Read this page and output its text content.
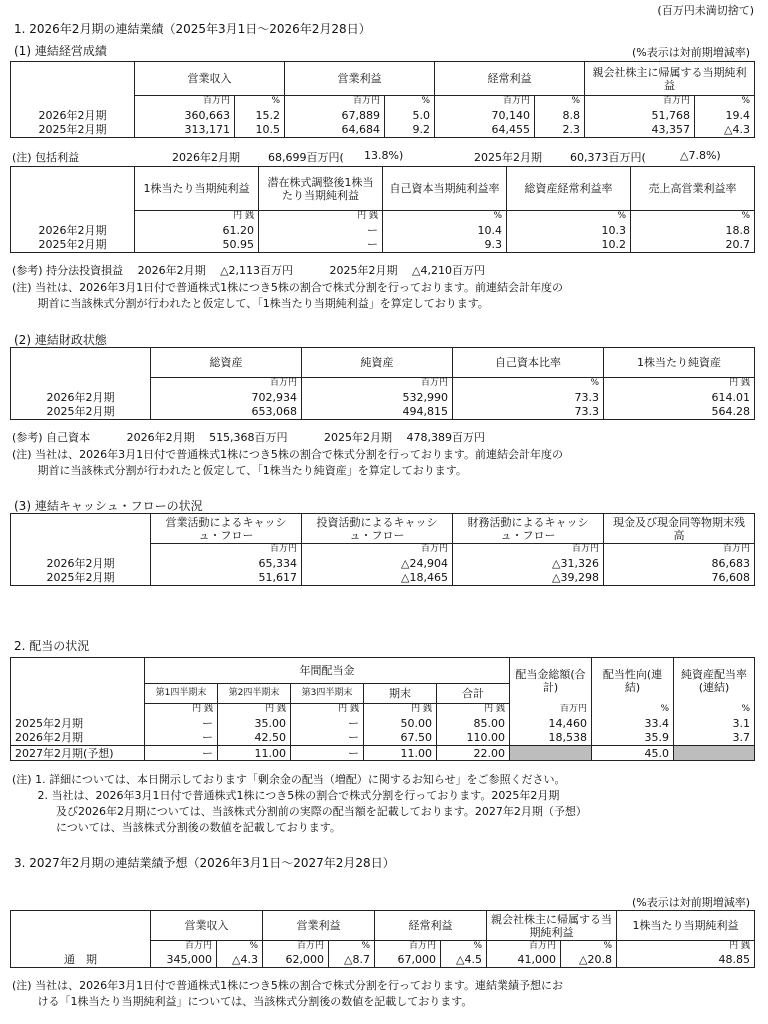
(百万円未満切捨て)
1. 2026年2月期の連結業績（2025年3月1日～2026年2月28日）
(1) 連結経営成績	(%表示は対前期増減率)
	営業収入		営業利益		経常利益		親会社株主に帰属する当期純利益	
	百万円	%	百万円	%	百万円	%	百万円	%
2026年2月期	360,663	15.2	67,889	5.0	70,140	8.8	51,768	19.4
2025年2月期	313,171	10.5	64,684	9.2	64,455	2.3	43,357	△4.3
(注) 包括利益	2026年2月期	68,699百万円( 13.8%)	2025年2月期	60,373百万円(	△7.8%)
	1株当たり当期純利益	潜在株式調整後1株当たり当期純利益	自己資本当期純利益率	総資産経常利益率	売上高営業利益率
	円 銭	円 銭	%	%	%
2026年2月期	61.20	ー	10.4	10.3	18.8
2025年2月期	50.95	ー	9.3	10.2	20.7
(参考) 持分法投資損益　 2026年2月期　 △2,113百万円　　　 2025年2月期　 △4,210百万円
(注) 当社は、2026年3月1日付で普通株式1株につき5株の割合で株式分割を行っております。前連結会計年度の
　　 期首に当該株式分割が行われたと仮定して、「1株当たり当期純利益」を算定しております。
(2) 連結財政状態
	総資産	純資産	自己資本比率	1株当たり純資産
	百万円	百万円	%	円 銭
2026年2月期	702,934	532,990	73.3	614.01
2025年2月期	653,068	494,815	73.3	564.28
(参考) 自己資本　　　 2026年2月期　 515,368百万円　　　 2025年2月期　 478,389百万円
(注) 当社は、2026年3月1日付で普通株式1株につき5株の割合で株式分割を行っております。前連結会計年度の
　　 期首に当該株式分割が行われたと仮定して、「1株当たり純資産」を算定しております。
(3) 連結キャッシュ・フローの状況
	営業活動によるキャッシュ・フロー	投資活動によるキャッシュ・フロー	財務活動によるキャッシュ・フロー	現金及び現金同等物期末残高
	百万円	百万円	百万円	百万円
2026年2月期	65,334	△24,904	△31,326	86,683
2025年2月期	51,617	△18,465	△39,298	76,608
2. 配当の状況
	年間配当金					配当金総額(合計)	配当性向(連結)	純資産配当率(連結)
	第1四半期末	第2四半期末	第3四半期末	期末	合計			
	円 銭	円 銭	円 銭	円 銭	円 銭	百万円	%	%
2025年2月期	ー	35.00	ー	50.00	85.00	14,460	33.4	3.1
2026年2月期	ー	42.50	ー	67.50	110.00	18,538	35.9	3.7
2027年2月期(予想)	ー	11.00	ー	11.00	22.00		45.0	
(注) 1. 詳細については、本日開示しております「剰余金の配当（増配）に関するお知らせ」をご参照ください。
　　 2. 当社は、2026年3月1日付で普通株式1株につき5株の割合で株式分割を行っております。2025年2月期
　　　　及び2026年2月期については、当該株式分割前の実際の配当額を記載しております。2027年2月期（予想）
　　　　については、当該株式分割後の数値を記載しております。
3. 2027年2月期の連結業績予想（2026年3月1日～2027年2月28日）
(%表示は対前期増減率)
	営業収入		営業利益		経常利益		親会社株主に帰属する当期純利益		1株当たり当期純利益
	百万円	%	百万円	%	百万円	%	百万円	%	円 銭
通　期	345,000	△4.3	62,000	△8.7	67,000	△4.5	41,000	△20.8	48.85
(注) 当社は、2026年3月1日付で普通株式1株につき5株の割合で株式分割を行っております。連結業績予想にお
　　 ける「1株当たり当期純利益」については、当該株式分割後の数値を記載しております。
